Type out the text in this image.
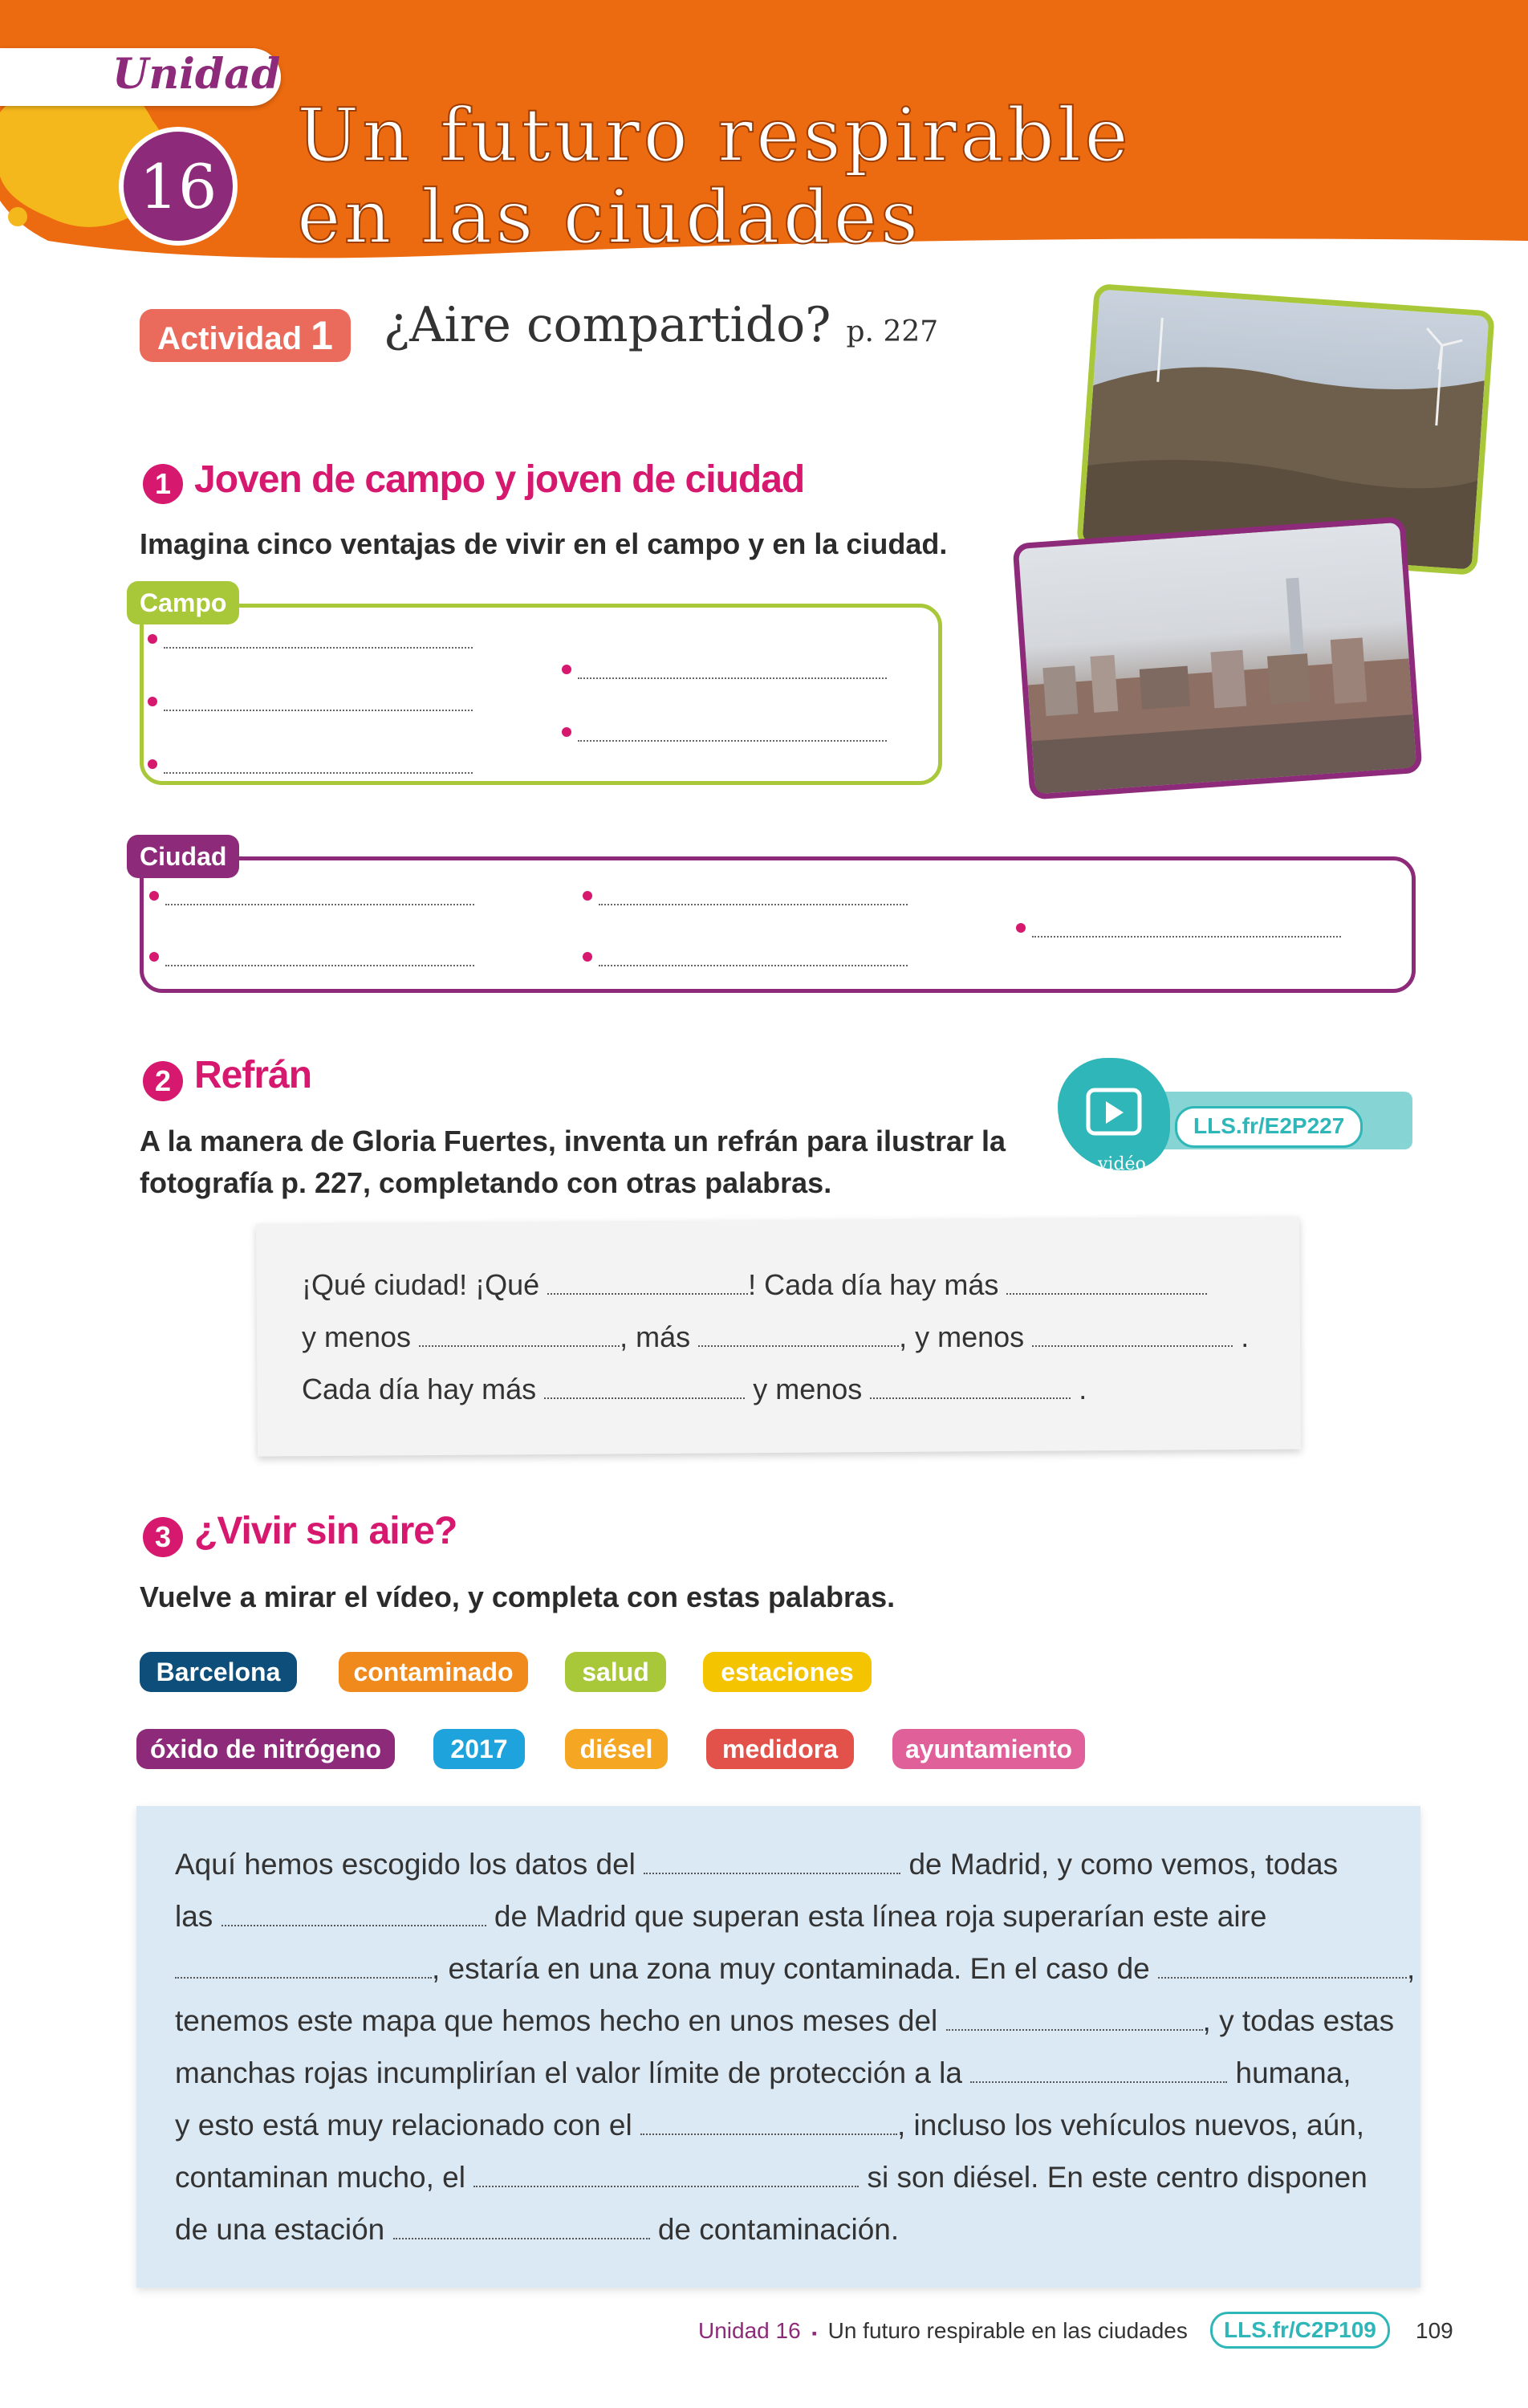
Unidad
16
Un futuro respirable
en las ciudades
Actividad 1	¿Aire compartido? p. 227
1 Joven de campo y joven de ciudad
Imagina cinco ventajas de vivir en el campo y en la ciudad.
Campo
Ciudad
2 Refrán
A la manera de Gloria Fuertes, inventa un refrán para ilustrar la
fotografía p. 227, completando con otras palabras.
vidéo
LLS.fr/E2P227
¡Qué ciudad! ¡Qué	! Cada día hay más
y menos	, más	, y menos	.
Cada día hay más	y menos	.
3 ¿Vivir sin aire?
Vuelve a mirar el vídeo, y completa con estas palabras.
Barcelona	contaminado	salud	estaciones
óxido de nitrógeno	2017	diésel	medidora	ayuntamiento
Aquí hemos escogido los datos del	de Madrid, y como vemos, todas
las	de Madrid que superan esta línea roja superarían este aire
, estaría en una zona muy contaminada. En el caso de	,
tenemos este mapa que hemos hecho en unos meses del	, y todas estas
manchas rojas incumplirían el valor límite de protección a la	humana,
y esto está muy relacionado con el	, incluso los vehículos nuevos, aún,
contaminan mucho, el	si son diésel. En este centro disponen
de una estación	de contaminación.
Unidad 16 ▪ Un futuro respirable en las ciudades	LLS.fr/C2P109	109
